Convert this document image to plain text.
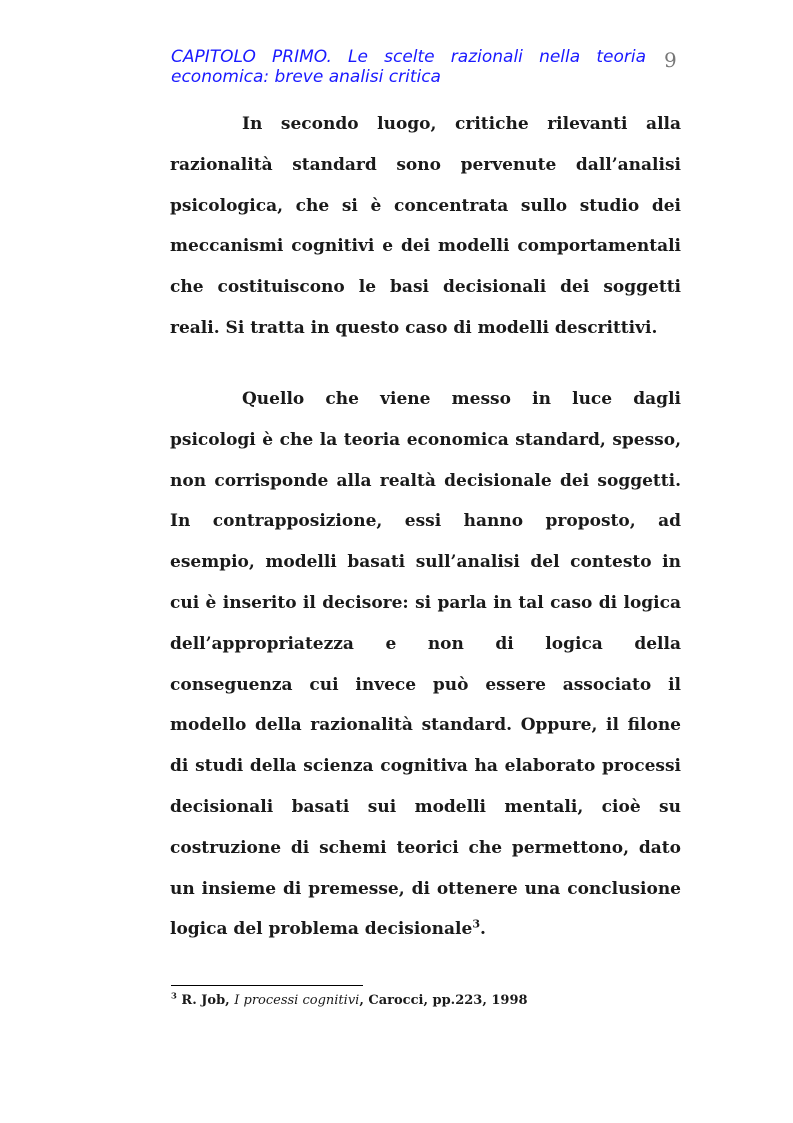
CAPITOLO PRIMO. Le scelte razionali nella teoria
economica: breve analisi critica
9

In secondo luogo, critiche rilevanti alla razionalità standard sono pervenute dall’analisi psicologica, che si è concentrata sullo studio dei meccanismi cognitivi e dei modelli comportamentali che costituiscono le basi decisionali dei soggetti reali. Si tratta in questo caso di modelli descrittivi.

Quello che viene messo in luce dagli psicologi è che la teoria economica standard, spesso, non corrisponde alla realtà decisionale dei soggetti. In contrapposizione, essi hanno proposto, ad esempio, modelli basati sull’analisi del contesto in cui è inserito il decisore: si parla in tal caso di logica dell’appropriatezza e non di logica della conseguenza cui invece può essere associato il modello della razionalità standard. Oppure, il filone di studi della scienza cognitiva ha elaborato processi decisionali basati sui modelli mentali, cioè su costruzione di schemi teorici che permettono, dato un insieme di premesse, di ottenere una conclusione logica del problema decisionale$^3$.

$^3$ R. Job, I processi cognitivi, Carocci, pp.223, 1998
